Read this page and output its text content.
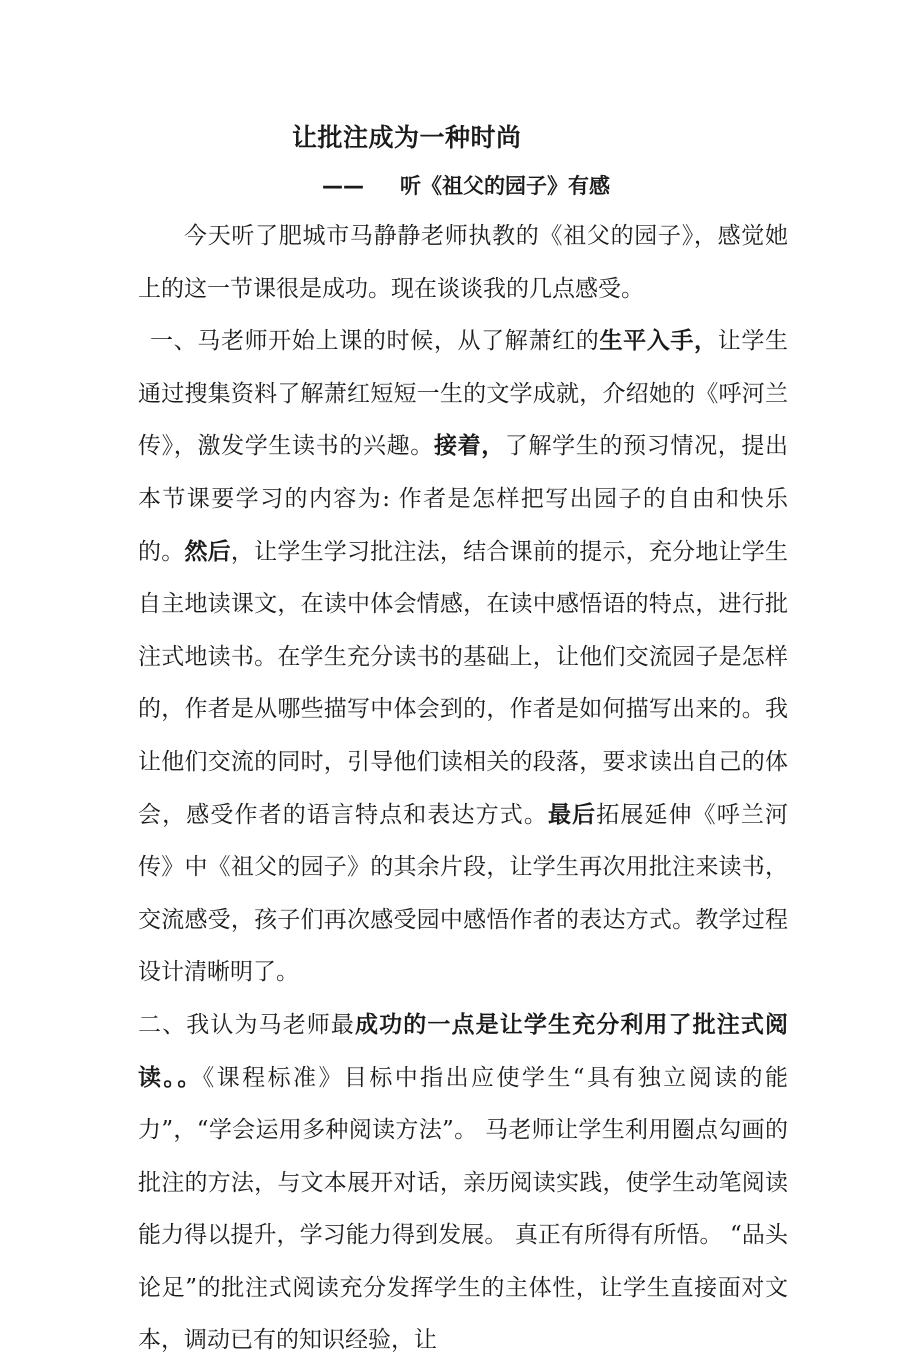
让批注成为一种时尚
—— 听《祖父的园子》有感

今天听了肥城市马静静老师执教的《祖父的园子》，感觉她上的这一节课很是成功。现在谈谈我的几点感受。

一、马老师开始上课的时候，从了解萧红的生平入手，让学生通过搜集资料了解萧红短短一生的文学成就，介绍她的《呼河兰传》，激发学生读书的兴趣。接着，了解学生的预习情况，提出本节课要学习的内容为: 作者是怎样把写出园子的自由和快乐的。然后，让学生学习批注法，结合课前的提示，充分地让学生自主地读课文，在读中体会情感，在读中感悟语的特点，进行批注式地读书。在学生充分读书的基础上，让他们交流园子是怎样的，作者是从哪些描写中体会到的，作者是如何描写出来的。我让他们交流的同时，引导他们读相关的段落，要求读出自己的体会，感受作者的语言特点和表达方式。最后拓展延伸《呼兰河传》中《祖父的园子》的其余片段，让学生再次用批注来读书，交流感受，孩子们再次感受园中感悟作者的表达方式。教学过程设计清晰明了。

二、我认为马老师最成功的一点是让学生充分利用了批注式阅读。。《课程标准》目标中指出应使学生“具有独立阅读的能力”，“学会运用多种阅读方法”。 马老师让学生利用圈点勾画的批注的方法，与文本展开对话，亲历阅读实践，使学生动笔阅读能力得以提升，学习能力得到发展。 真正有所得有所悟。 “品头论足”的批注式阅读充分发挥学生的主体性，让学生直接面对文本，调动已有的知识经验，让
